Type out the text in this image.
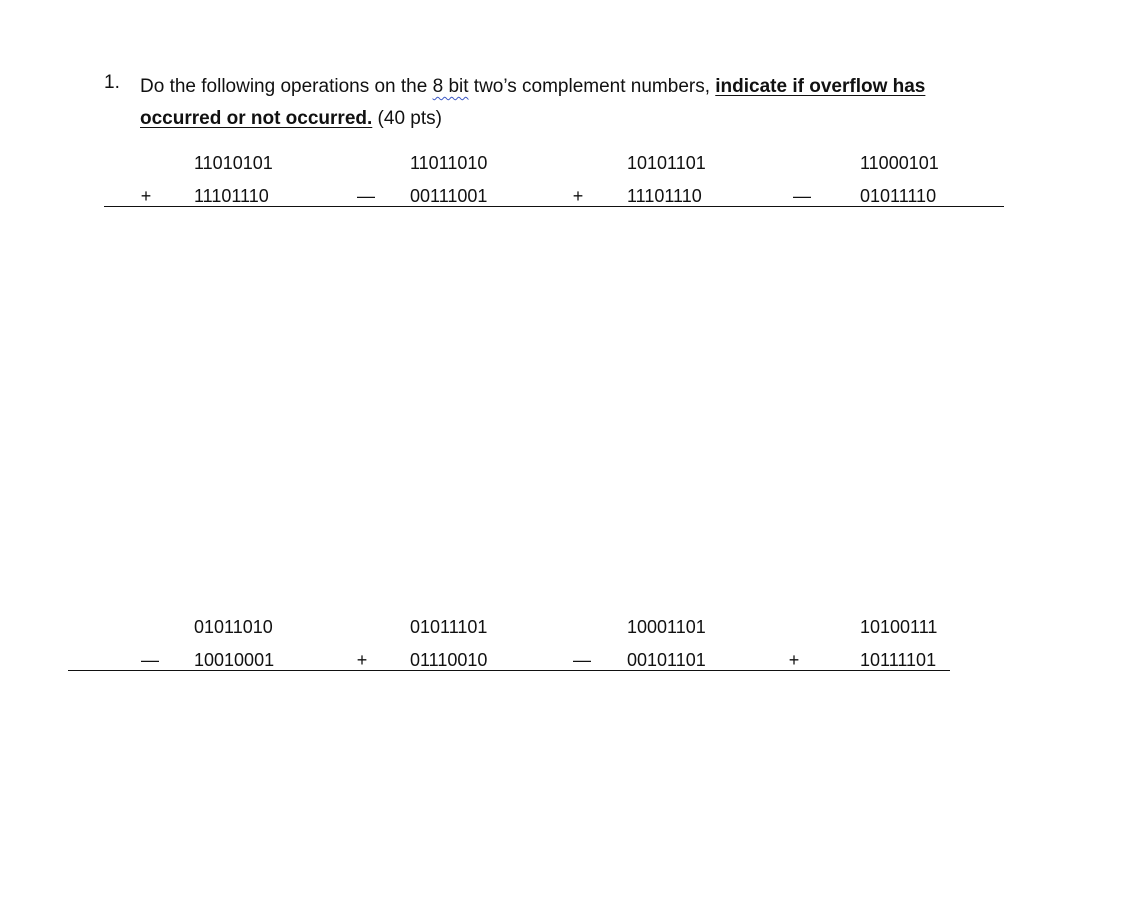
1. Do the following operations on the 8 bit two’s complement numbers, indicate if overflow has occurred or not occurred. (40 pts)
11010101
+ 11101110
11011010
— 00111001
10101101
+ 11101110
11000101
—	01011110
01011010
— 10010001
01011101
+ 01110010
10001101
— 00101101
10100111
+	10111101
